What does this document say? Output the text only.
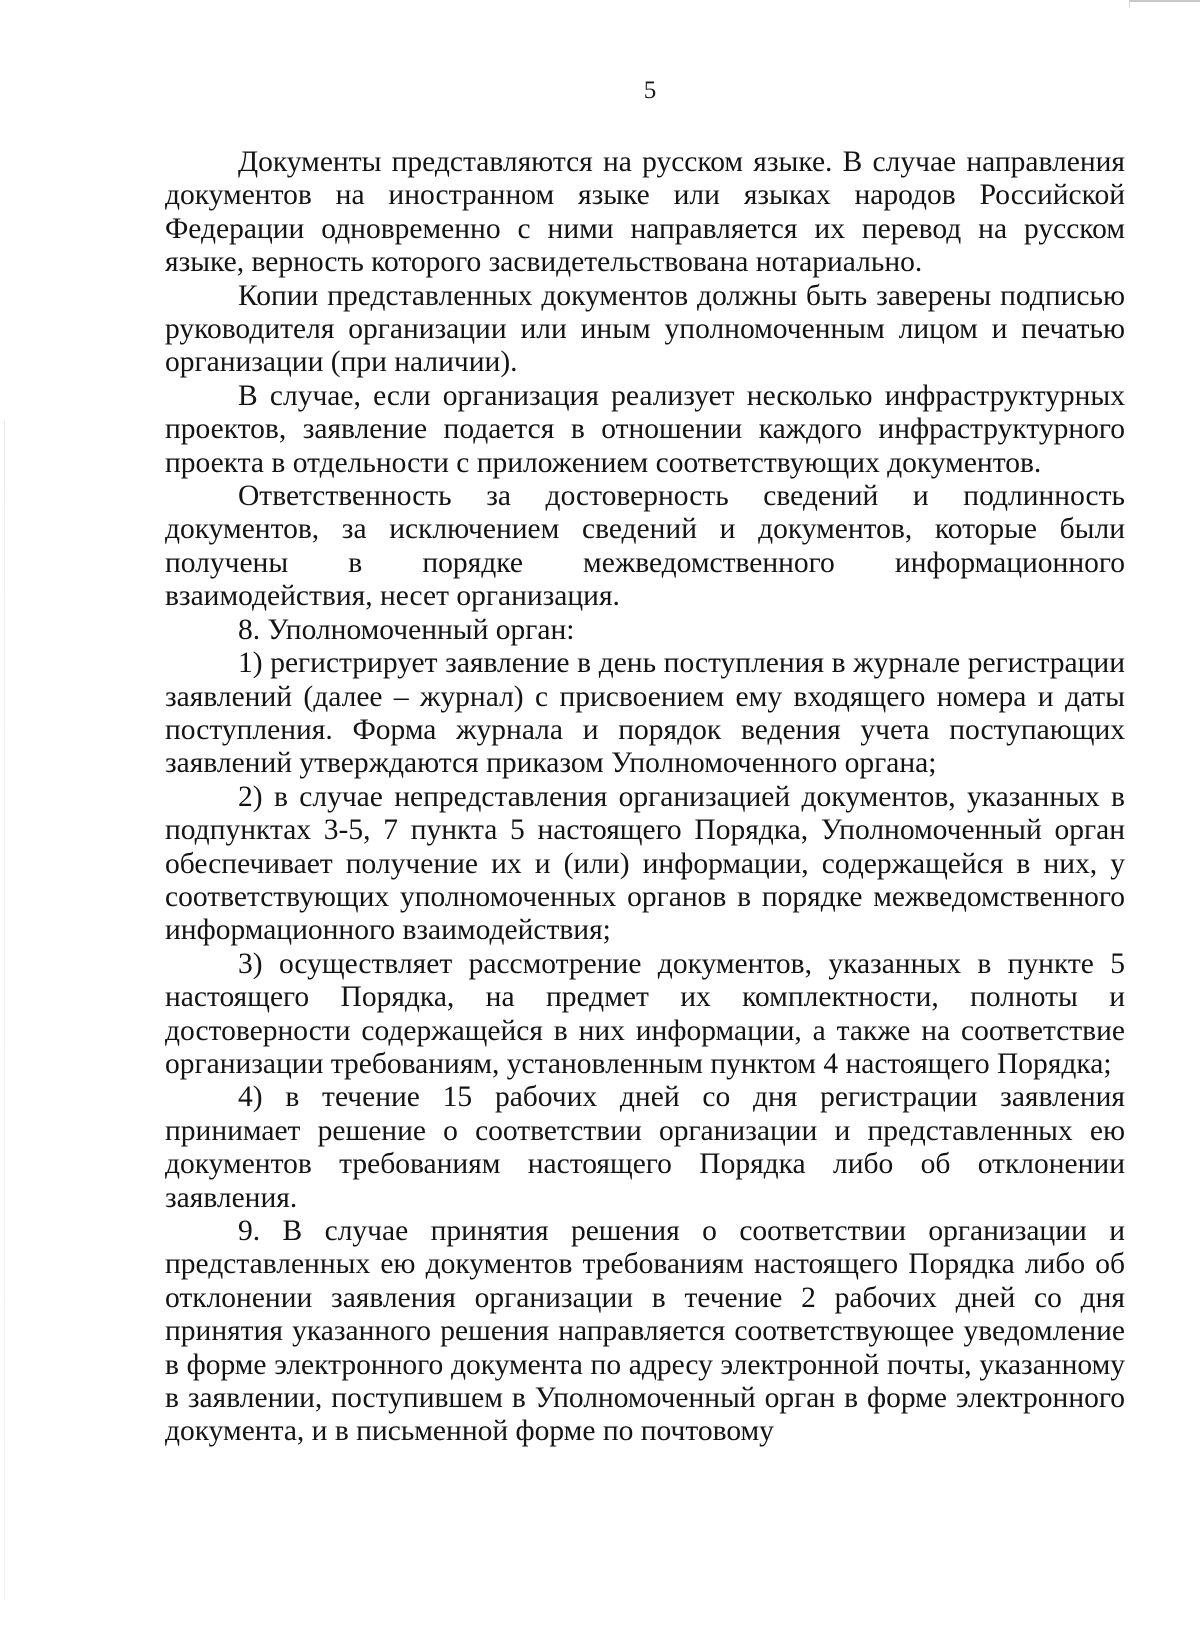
5

Документы представляются на русском языке. В случае направления документов на иностранном языке или языках народов Российской Федерации одновременно с ними направляется их перевод на русском языке, верность которого засвидетельствована нотариально.

Копии представленных документов должны быть заверены подписью руководителя организации или иным уполномоченным лицом и печатью организации (при наличии).

В случае, если организация реализует несколько инфраструктурных проектов, заявление подается в отношении каждого инфраструктурного проекта в отдельности с приложением соответствующих документов.

Ответственность за достоверность сведений и подлинность документов, за исключением сведений и документов, которые были получены в порядке межведомственного информационного взаимодействия, несет организация.

8. Уполномоченный орган:

1) регистрирует заявление в день поступления в журнале регистрации заявлений (далее – журнал) с присвоением ему входящего номера и даты поступления. Форма журнала и порядок ведения учета поступающих заявлений утверждаются приказом Уполномоченного органа;

2) в случае непредставления организацией документов, указанных в подпунктах 3-5, 7 пункта 5 настоящего Порядка, Уполномоченный орган обеспечивает получение их и (или) информации, содержащейся в них, у соответствующих уполномоченных органов в порядке межведомственного информационного взаимодействия;

3) осуществляет рассмотрение документов, указанных в пункте 5 настоящего Порядка, на предмет их комплектности, полноты и достоверности содержащейся в них информации, а также на соответствие организации требованиям, установленным пунктом 4 настоящего Порядка;

4) в течение 15 рабочих дней со дня регистрации заявления принимает решение о соответствии организации и представленных ею документов требованиям настоящего Порядка либо об отклонении заявления.

9. В случае принятия решения о соответствии организации и представленных ею документов требованиям настоящего Порядка либо об отклонении заявления организации в течение 2 рабочих дней со дня принятия указанного решения направляется соответствующее уведомление в форме электронного документа по адресу электронной почты, указанному в заявлении, поступившем в Уполномоченный орган в форме электронного документа, и в письменной форме по почтовому
